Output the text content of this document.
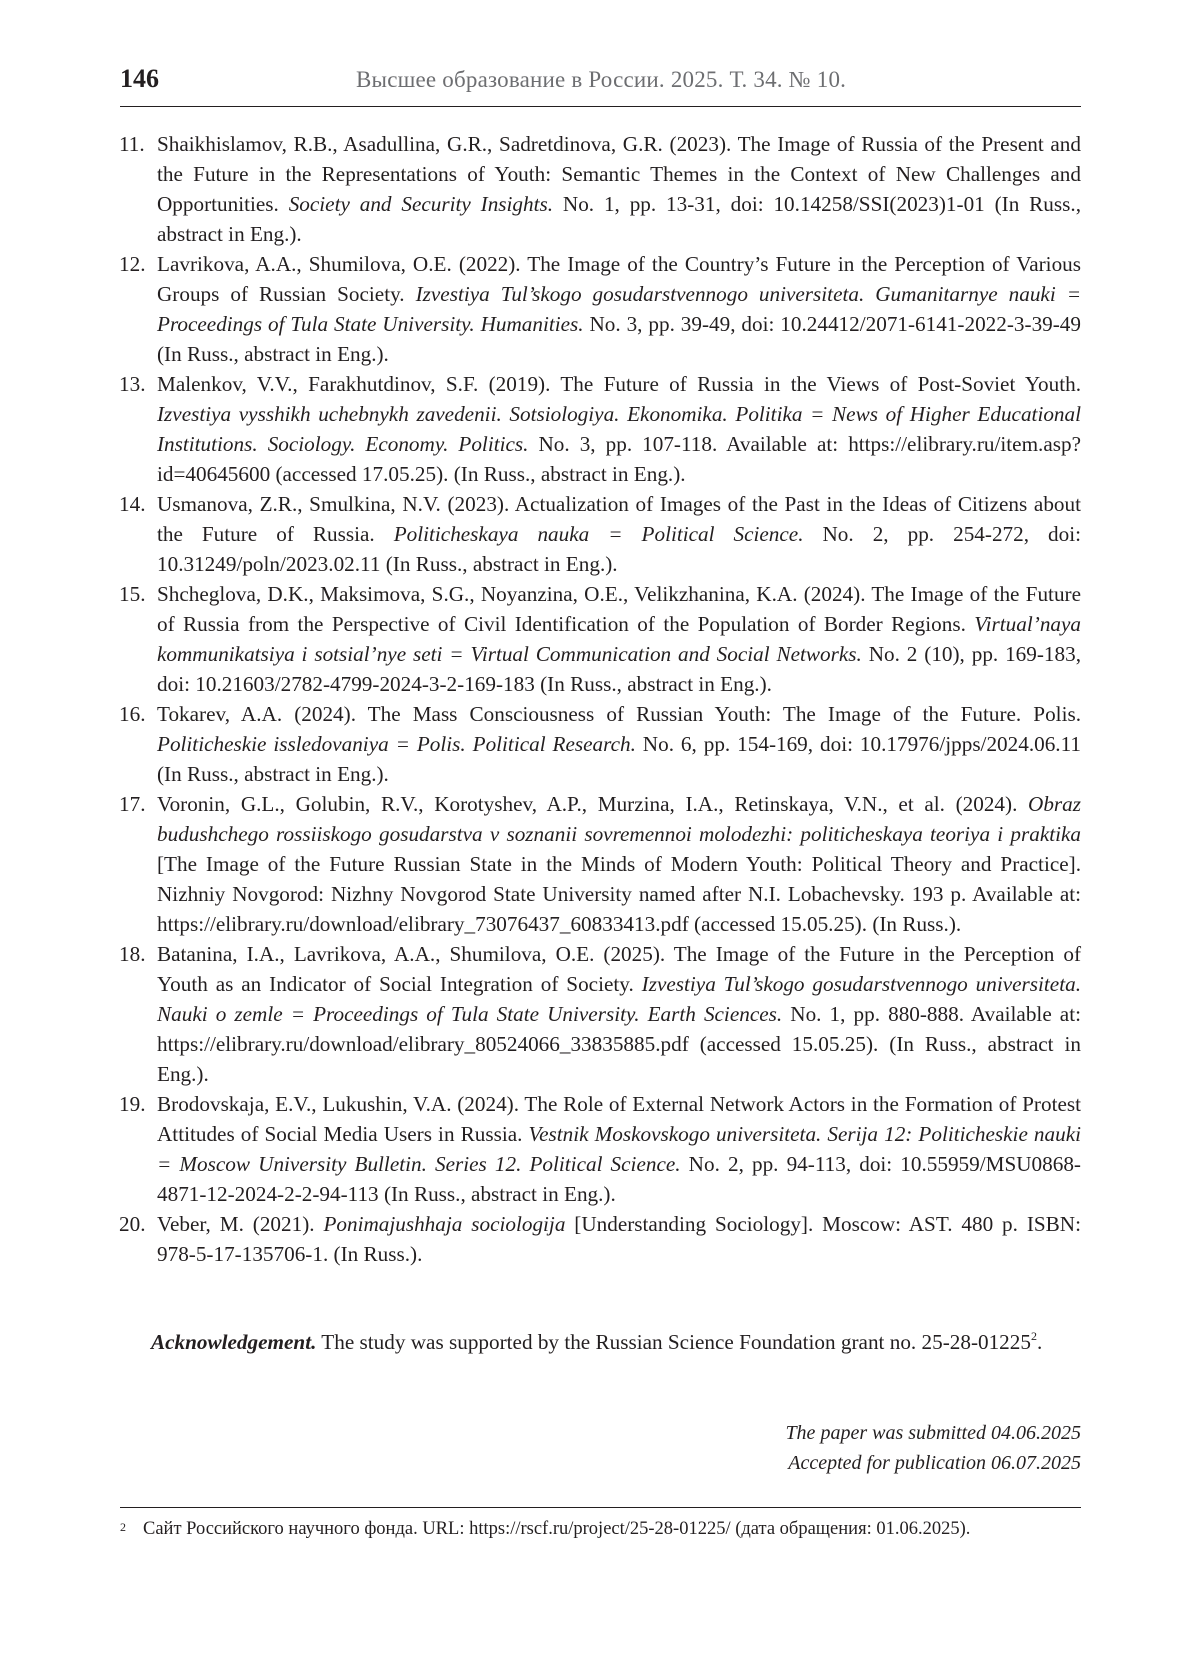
146	Высшее образование в России. 2025. Т. 34. № 10.
11. Shaikhislamov, R.B., Asadullina, G.R., Sadretdinova, G.R. (2023). The Image of Russia of the Present and the Future in the Representations of Youth: Semantic Themes in the Context of New Challenges and Opportunities. Society and Security Insights. No. 1, pp. 13-31, doi: 10.14258/SSI(2023)1-01 (In Russ., abstract in Eng.).
12. Lavrikova, A.A., Shumilova, O.E. (2022). The Image of the Country’s Future in the Perception of Various Groups of Russian Society. Izvestiya Tul’skogo gosudarstvennogo universiteta. Gumanitarnye nauki = Proceedings of Tula State University. Humanities. No. 3, pp. 39-49, doi: 10.24412/2071-6141-2022-3-39-49 (In Russ., abstract in Eng.).
13. Malenkov, V.V., Farakhutdinov, S.F. (2019). The Future of Russia in the Views of Post-Soviet Youth. Izvestiya vysshikh uchebnykh zavedenii. Sotsiologiya. Ekonomika. Politika = News of Higher Educational Institutions. Sociology. Economy. Politics. No. 3, pp. 107-118. Available at: https://elibrary.ru/item.asp?id=40645600 (accessed 17.05.25). (In Russ., abstract in Eng.).
14. Usmanova, Z.R., Smulkina, N.V. (2023). Actualization of Images of the Past in the Ideas of Citizens about the Future of Russia. Politicheskaya nauka = Political Science. No. 2, pp. 254-272, doi: 10.31249/poln/2023.02.11 (In Russ., abstract in Eng.).
15. Shcheglova, D.K., Maksimova, S.G., Noyanzina, O.E., Velikzhanina, K.A. (2024). The Image of the Future of Russia from the Perspective of Civil Identification of the Population of Border Regions. Virtual’naya kommunikatsiya i sotsial’nye seti = Virtual Communication and Social Networks. No. 2 (10), pp. 169-183, doi: 10.21603/2782-4799-2024-3-2-169-183 (In Russ., abstract in Eng.).
16. Tokarev, A.A. (2024). The Mass Consciousness of Russian Youth: The Image of the Future. Polis. Politicheskie issledovaniya = Polis. Political Research. No. 6, pp. 154-169, doi: 10.17976/jpps/2024.06.11 (In Russ., abstract in Eng.).
17. Voronin, G.L., Golubin, R.V., Korotyshev, A.P., Murzina, I.A., Retinskaya, V.N., et al. (2024). Obraz budushchego rossiiskogo gosudarstva v soznanii sovremennoi molodezhi: politicheskaya teoriya i praktika [The Image of the Future Russian State in the Minds of Modern Youth: Political Theory and Practice]. Nizhniy Novgorod: Nizhny Novgorod State University named after N.I. Lobachevsky. 193 p. Available at: https://elibrary.ru/download/elibrary_73076437_60833413.pdf (accessed 15.05.25). (In Russ.).
18. Batanina, I.A., Lavrikova, A.A., Shumilova, O.E. (2025). The Image of the Future in the Perception of Youth as an Indicator of Social Integration of Society. Izvestiya Tul’skogo gosudarstvennogo universiteta. Nauki o zemle = Proceedings of Tula State University. Earth Sciences. No. 1, pp. 880-888. Available at: https://elibrary.ru/download/elibrary_80524066_33835885.pdf (accessed 15.05.25). (In Russ., abstract in Eng.).
19. Brodovskaja, E.V., Lukushin, V.A. (2024). The Role of External Network Actors in the Formation of Protest Attitudes of Social Media Users in Russia. Vestnik Moskovskogo universiteta. Serija 12: Politicheskie nauki = Moscow University Bulletin. Series 12. Political Science. No. 2, pp. 94-113, doi: 10.55959/MSU0868-4871-12-2024-2-2-94-113 (In Russ., abstract in Eng.).
20. Veber, M. (2021). Ponimajushhaja sociologija [Understanding Sociology]. Moscow: AST. 480 p. ISBN: 978-5-17-135706-1. (In Russ.).
Acknowledgement. The study was supported by the Russian Science Foundation grant no. 25-28-01225$^2$.
The paper was submitted 04.06.2025
Accepted for publication 06.07.2025
2 Сайт Российского научного фонда. URL: https://rscf.ru/project/25-28-01225/ (дата обращения: 01.06.2025).
